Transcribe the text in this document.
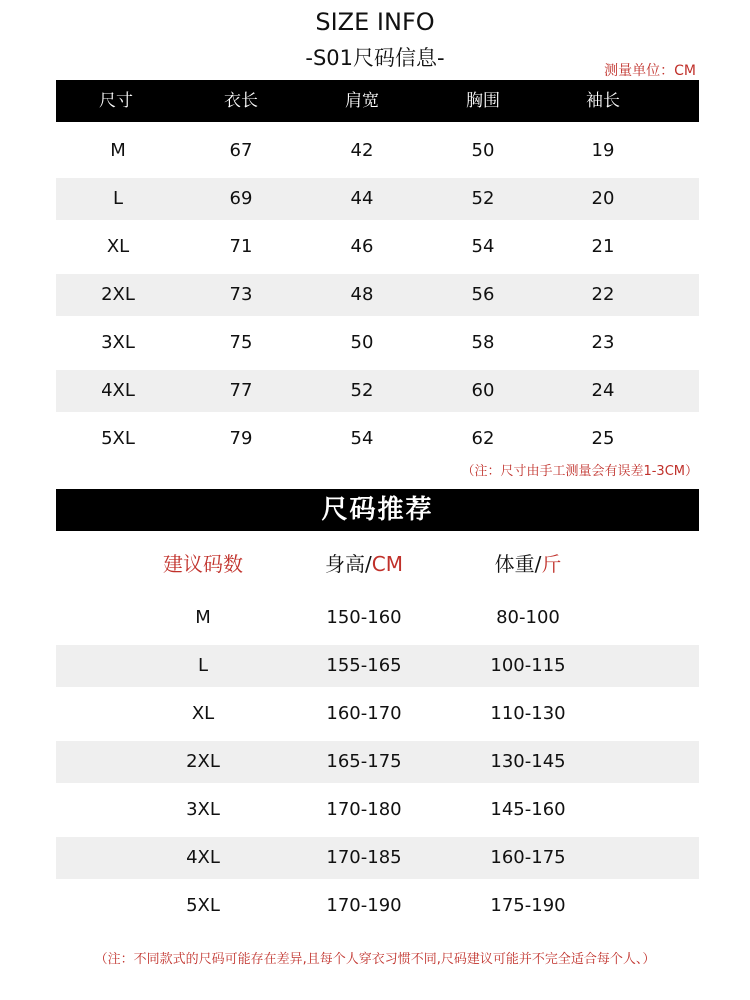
SIZE INFO
-S01尺码信息-
测量单位：CM
尺寸	衣长	肩宽	胸围	袖长
M	67	42	50	19
L	69	44	52	20
XL	71	46	54	21
2XL	73	48	56	22
3XL	75	50	58	23
4XL	77	52	60	24
5XL	79	54	62	25
（注：尺寸由手工测量会有误差1-3CM）
尺码推荐
建议码数	身高/CM	体重/斤
M	150-160	80-100
L	155-165	100-115
XL	160-170	110-130
2XL	165-175	130-145
3XL	170-180	145-160
4XL	170-185	160-175
5XL	170-190	175-190
（注：不同款式的尺码可能存在差异,且每个人穿衣习惯不同,尺码建议可能并不完全适合每个人、）
